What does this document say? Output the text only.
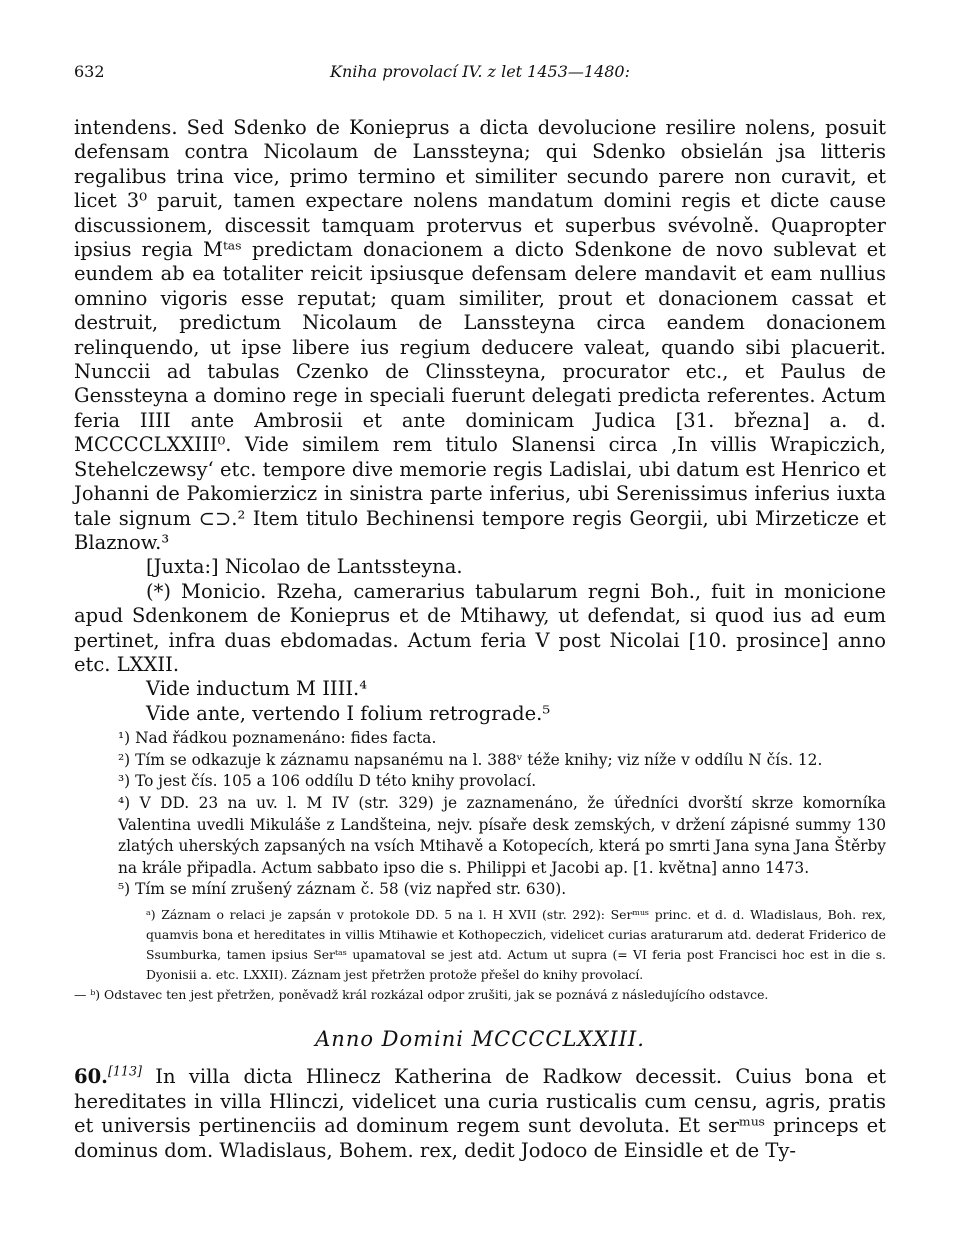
632	Kniha provolací IV. z let 1453—1480:

intendens. Sed Sdenko de Konieprus a dicta devolucione resilire nolens, posuit defensam contra Nicolaum de Lanssteyna; qui Sdenko obsielán jsa litteris regalibus trina vice, primo termino et similiter secundo parere non curavit, et licet 3⁰ paruit, tamen expectare nolens mandatum domini regis et dicte cause discussionem, discessit tamquam protervus et superbus svévolně. Quapropter ipsius regia Mᵗᵃˢ predictam donacionem a dicto Sdenkone de novo sublevat et eundem ab ea totaliter reicit ipsiusque defensam delere mandavit et eam nullius omnino vigoris esse reputat; quam similiter, prout et donacionem cassat et destruit, predictum Nicolaum de Lanssteyna circa eandem donacionem relinquendo, ut ipse libere ius regium deducere valeat, quando sibi placuerit. Nunccii ad tabulas Czenko de Clinssteyna, procurator etc., et Paulus de Genssteyna a domino rege in speciali fuerunt delegati predicta referentes. Actum feria IIII ante Ambrosii et ante dominicam Judica [31. března] a. d. MCCCCLXXIII⁰. Vide similem rem titulo Slanensi circa ‚In villis Wrapiczich, Stehelczewsy‘ etc. tempore dive memorie regis Ladislai, ubi datum est Henrico et Johanni de Pakomierzicz in sinistra parte inferius, ubi Serenissimus inferius iuxta tale signum ⊂⊃.² Item titulo Bechinensi tempore regis Georgii, ubi Mirzeticze et Blaznow.³

[Juxta:] Nicolao de Lantssteyna.

(*) Monicio. Rzeha, camerarius tabularum regni Boh., fuit in monicione apud Sdenkonem de Konieprus et de Mtihawy, ut defendat, si quod ius ad eum pertinet, infra duas ebdomadas. Actum feria V post Nicolai [10. prosince] anno etc. LXXII.

Vide inductum M IIII.⁴

Vide ante, vertendo I folium retrograde.⁵

¹) Nad řádkou poznamenáno: fides facta.

²) Tím se odkazuje k záznamu napsanému na l. 388ᵛ téže knihy; viz níže v oddílu N čís. 12.

³) To jest čís. 105 a 106 oddílu D této knihy provolací.

⁴) V DD. 23 na uv. l. M IV (str. 329) je zaznamenáno, že úředníci dvorští skrze komorníka Valentina uvedli Mikuláše z Landšteina, nejv. písaře desk zemských, v držení zápisné summy 130 zlatých uherských zapsaných na vsích Mtihavě a Kotopecích, která po smrti Jana syna Jana Štěrby na krále připadla. Actum sabbato ipso die s. Philippi et Jacobi ap. [1. května] anno 1473.

⁵) Tím se míní zrušený záznam č. 58 (viz napřed str. 630).

ᵃ) Záznam o relaci je zapsán v protokole DD. 5 na l. H XVII (str. 292): Serᵐᵘˢ princ. et d. d. Wladislaus, Boh. rex, quamvis bona et hereditates in villis Mtihawie et Kothopeczich, videlicet curias araturarum atd. dederat Friderico de Ssumburka, tamen ipsius Serᵗᵃˢ upamatoval se jest atd. Actum ut supra (= VI feria post Francisci hoc est in die s. Dyonisii a. etc. LXXII). Záznam jest přetržen protože přešel do knihy provolací.

— ᵇ) Odstavec ten jest přetržen, poněvadž král rozkázal odpor zrušiti, jak se poznává z následujícího odstavce.

Anno Domini MCCCCLXXIII.
60.[113] In villa dicta Hlinecz Katherina de Radkow decessit. Cuius bona et hereditates in villa Hlinczi, videlicet una curia rusticalis cum censu, agris, pratis et universis pertinenciis ad dominum regem sunt devoluta. Et serᵐᵘˢ princeps et dominus dom. Wladislaus, Bohem. rex, dedit Jodoco de Einsidle et de Ty-
